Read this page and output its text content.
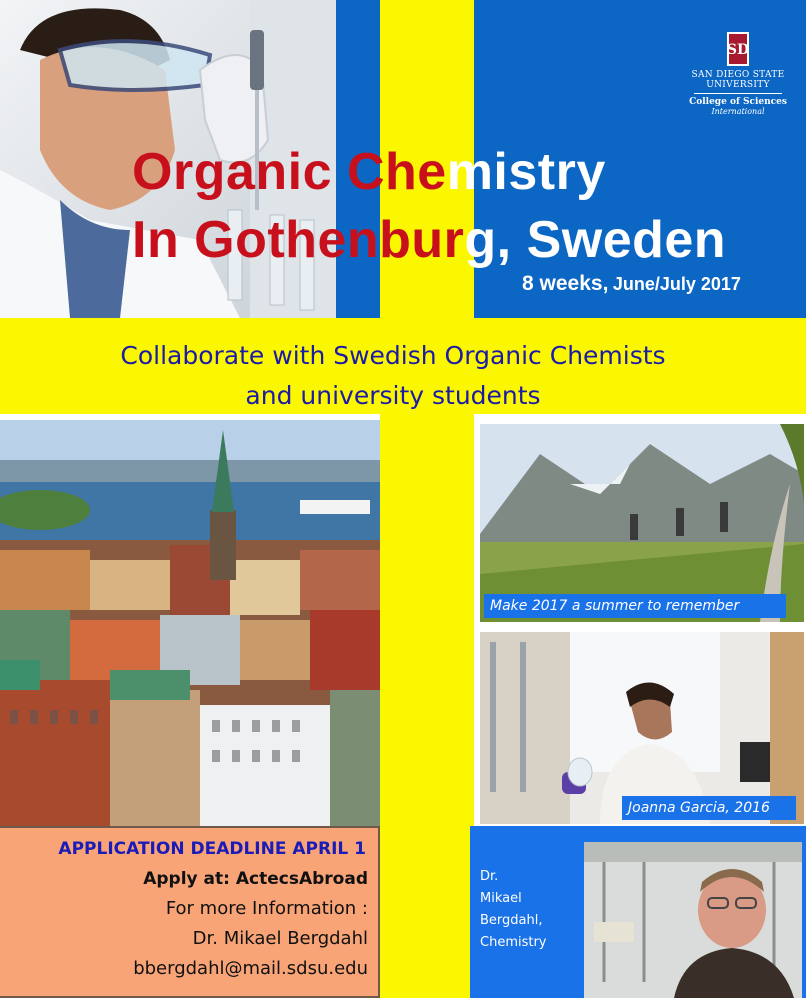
SD
SAN DIEGO STATE
UNIVERSITY
College of Sciences
International
Organic Chemistry
In Gothenburg, Sweden
8 weeks, June/July 2017
Collaborate with Swedish Organic Chemists
and university students
Make 2017 a summer to remember
Joanna Garcia, 2016
Dr.
Mikael
Bergdahl,
Chemistry
APPLICATION DEADLINE APRIL 1
Apply at: ActecsAbroad
For more Information :
Dr. Mikael Bergdahl
bbergdahl@mail.sdsu.edu
